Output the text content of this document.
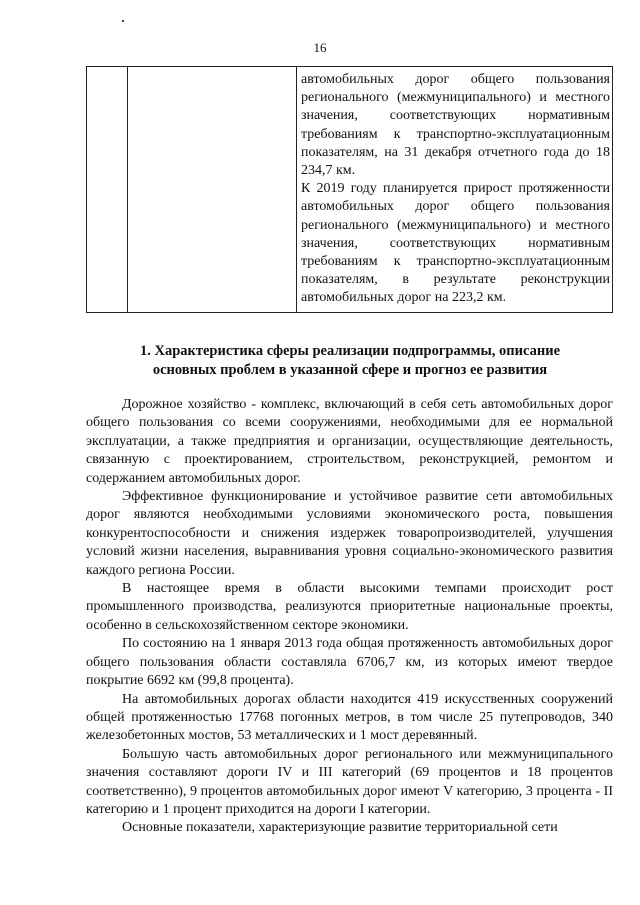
16

автомобильных дорог общего пользования регионального (межмуниципального) и местного значения, соответствующих нормативным требованиям к транспортно-эксплуатационным показателям, на 31 декабря отчетного года до 18 234,7 км.

К 2019 году планируется прирост протяженности автомобильных дорог общего пользования регионального (межмуниципального) и местного значения, соответствующих нормативным требованиям к транспортно-эксплуатационным показателям, в результате реконструкции автомобильных дорог на 223,2 км.

1. Характеристика сферы реализации подпрограммы, описание основных проблем в указанной сфере и прогноз ее развития

Дорожное хозяйство - комплекс, включающий в себя сеть автомобильных дорог общего пользования со всеми сооружениями, необходимыми для ее нормальной эксплуатации, а также предприятия и организации, осуществляющие деятельность, связанную с проектированием, строительством, реконструкцией, ремонтом и содержанием автомобильных дорог.

Эффективное функционирование и устойчивое развитие сети автомобильных дорог являются необходимыми условиями экономического роста, повышения конкурентоспособности и снижения издержек товаропроизводителей, улучшения условий жизни населения, выравнивания уровня социально-экономического развития каждого региона России.

В настоящее время в области высокими темпами происходит рост промышленного производства, реализуются приоритетные национальные проекты, особенно в сельскохозяйственном секторе экономики.

По состоянию на 1 января 2013 года общая протяженность автомобильных дорог общего пользования области составляла 6706,7 км, из которых имеют твердое покрытие 6692 км (99,8 процента).

На автомобильных дорогах области находится 419 искусственных сооружений общей протяженностью 17768 погонных метров, в том числе 25 путепроводов, 340 железобетонных мостов, 53 металлических и 1 мост деревянный.

Большую часть автомобильных дорог регионального или межмуниципального значения составляют дороги IV и III категорий (69 процентов и 18 процентов соответственно), 9 процентов автомобильных дорог имеют V категорию, 3 процента - II категорию и 1 процент приходится на дороги I категории.

Основные показатели, характеризующие развитие территориальной сети
